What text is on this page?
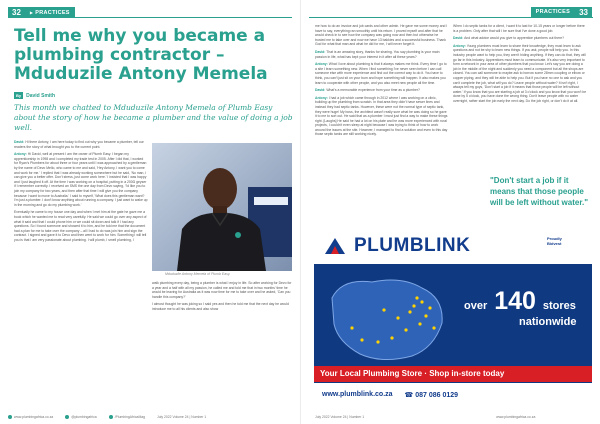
32	▶ PRACTICES
Tell me why you became a plumbing contractor – Mduduzile Antony Memela
By	David Smith

This month we chatted to Mduduzile Antony Memela of Plumb Easy about the story of how he became a plumber and the value of doing a job well.

David: Hi there Antony, I am here today to find out why you became a plumber, tell our readers the story of what brought you to the current point.

Antony: Hi David, well at present I am the owner of Plumb Easy. I began my apprenticeship in 1998 and I completed my trade test in 2005. After I did that, I worked for Ryan's Plumbers for about three or four years until I was approached by a gentleman by the name of Devo Mello, who came to me and said, 'Hey Antony, I want you to come and work for me.' I replied that I was already working somewhere but he said, 'No man, I can give you a better offer. Don't stress, just come work here.' I insisted that I was happy and I just laughed it off. At the time I was working on a hospital, putting in a 200Ω geyser if I remember correctly. I received an SMS the one day from Devo saying, 'I'd like you to join my company for two years, and then after that time I will give you the company because I want to move to Australia.' I said to myself, 'What does this gentleman want? I'm just a plumber. I don't know anything about running a company. I just want to wake up in the morning and go do my plumbing work.'

Eventually he came to my house one day and when I met him at the gate he gave me a book which he wanted me to read very carefully. He said we could go over any aspect of what it said and that I could phone him or we could sit down and talk if I had any questions. So I found someone and showed it to him, and he told me that the document had a plan for me to take over the company – all I had to do was join him and sign the contract. I signed and gave it to Devo and then went to work for him. Something I will tell you is that I am very passionate about plumbing. I will plumb, I smell plumbing, I

Mduduzile Antony Memela of Plumb Easy.

walk plumbing every day, being a plumber is what I enjoy in life. So after working for Devo for a year and a half with all my passion, he called me and told me that in two months' time he would be leaving for Australia as it was now time for me to take over and he asked, 'Can you handle this company?'

I almost thought he was joking so I said yes and then he told me that the next day he would introduce me to all his clients and also show

www.plumbingafrica.co.za	@plumbingafrica	/PlumbingAfricaMag	July 2022 Volume 24 | Number 1
PRACTICES	33

me how to do an invoice and job cards and other admin. He gave me some money and I have to say, everything ran smoothly until his return. I proved myself and after that he would check in to see how the company was going now and then but otherwise he trusted me to take over and now we have 13 bakkies and a successful business. Thank God for what that man and what he did for me, I will never forget it.

David: That is an amazing story, thanks for sharing. You say plumbing is your main passion in life, what has kept your interest in it after all these years?

Antony: What I love about plumbing is that it always makes me think. Every time I go to a site I learn something new. When I find something I've never seen before I can call someone else with more experience and find out the correct way to do it. You have to think, you can't just sit on your bum and hope something will happen. It also makes you learn to cooperate with other people, and you also meet new people all the time.

David: What's a memorable experience from your time as a plumber?

Antony: I had a job which came through in 2012 where I was working on a clinic, building up the plumbing from scratch. In that area they didn't have sewer lines and instead they had septic tanks. However, these were not the normal type of septic tank, they were huge! My boss, the architect wasn't really sure what he was doing so he gave it to me to sort out. He said that as a plumber I must just find a way to make these things right. [Laughs] He said he had a lot on his plate and he was more experienced with rural projects, I couldn't even sleep at night because I was trying to think of how to work around the issues at the site. However, I managed to find a solution and even to this day those septic tanks are still working nicely.

When I do septic tanks for a client, I want it to last for 10-15 years or longer before there is a problem. Only after that will I be sure that I've done a good job.

David: And what advice would you give to apprentice plumbers out there?

Antony: Young plumbers must learn to share their knowledge, they must learn to ask questions and not be shy to learn new things. If you ask, people will help you. In this industry people want to help you, they aren't hiding anything. If they can do that, they will go far in this industry. Apprentices must learn to communicate. It's also very important to form a network in your area of other plumbers that you know. Let's say you are doing a job in the middle of the night and suddenly you need a component but all the shops are closed. You can call someone to maybe ask to borrow some 28mm coupling or elbow or copper piping, and they will be able to help you. But if you have no one to ask and you can't complete the job, what will you do? Leave people without water? It isn't right, I always tell my guys, 'Don't start a job if it means that those people will be left without water.' If you know that you are starting a job at 3 o'clock and you know that you won't be done by 5 o'clock, you have done the wrong thing. Don't leave people with no water overnight, rather start the job early the next day. Do the job right, or don't do it at all.

July 2022 Volume 24 | Number 1	www.plumbingafrica.co.za
"Don't start a job if it means that those people will be left without water."
PLUMBLINK	Proudly
Bidvest
over 140 stores
nationwide
Your Local Plumbing Store · Shop in-store today
www.plumblink.co.za ☎ 087 086 0129
